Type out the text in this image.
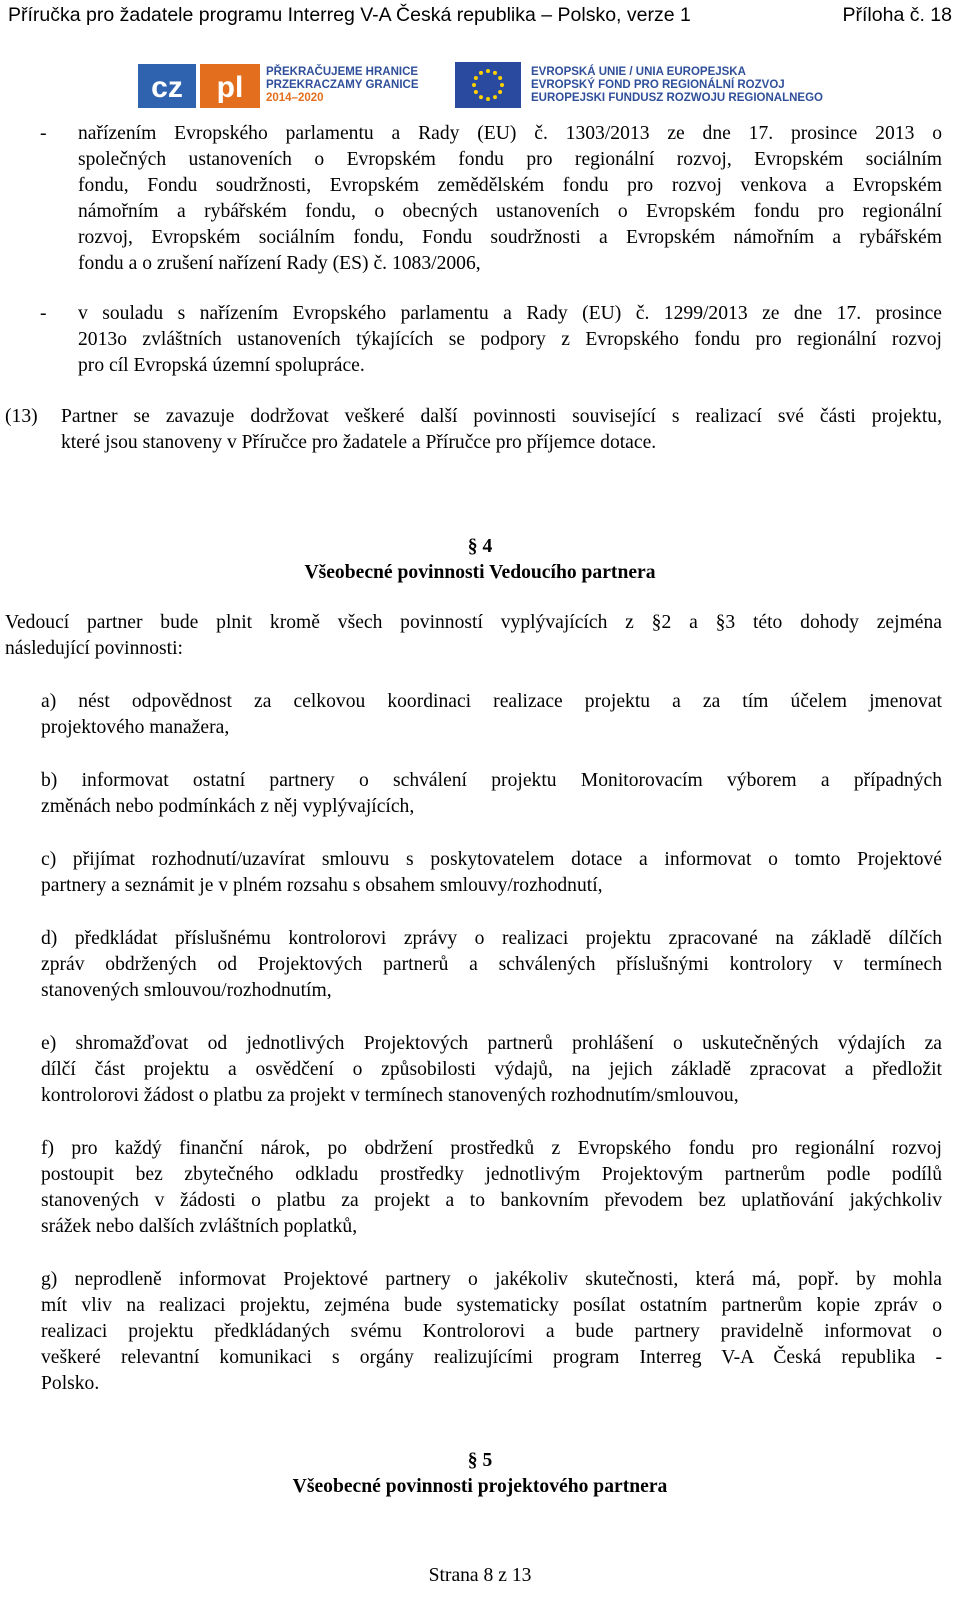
Příručka pro žadatele programu Interreg V-A Česká republika – Polsko, verze 1	Příloha č. 18
cz pl PŘEKRAČUJEME HRANICE
PRZEKRACZAMY GRANICE
2014–2020
EVROPSKÁ UNIE / UNIA EUROPEJSKA
EVROPSKÝ FOND PRO REGIONÁLNÍ ROZVOJ
EUROPEJSKI FUNDUSZ ROZWOJU REGIONALNEGO
- nařízením Evropského parlamentu a Rady (EU) č. 1303/2013 ze dne 17. prosince 2013 o
společných ustanoveních o Evropském fondu pro regionální rozvoj, Evropském sociálním
fondu, Fondu soudržnosti, Evropském zemědělském fondu pro rozvoj venkova a Evropském
námořním a rybářském fondu, o obecných ustanoveních o Evropském fondu pro regionální
rozvoj, Evropském sociálním fondu, Fondu soudržnosti a Evropském námořním a rybářském
fondu a o zrušení nařízení Rady (ES) č. 1083/2006,
- v souladu s nařízením Evropského parlamentu a Rady (EU) č. 1299/2013 ze dne 17. prosince
2013o zvláštních ustanoveních týkajících se podpory z Evropského fondu pro regionální rozvoj
pro cíl Evropská územní spolupráce.
(13) Partner se zavazuje dodržovat veškeré další povinnosti související s realizací své části projektu,
které jsou stanoveny v Příručce pro žadatele a Příručce pro příjemce dotace.
§ 4
Všeobecné povinnosti Vedoucího partnera
Vedoucí partner bude plnit kromě všech povinností vyplývajících z §2 a §3 této dohody zejména
následující povinnosti:
a) nést odpovědnost za celkovou koordinaci realizace projektu a za tím účelem jmenovat
projektového manažera,
b) informovat ostatní partnery o schválení projektu Monitorovacím výborem a případných
změnách nebo podmínkách z něj vyplývajících,
c) přijímat rozhodnutí/uzavírat smlouvu s poskytovatelem dotace a informovat o tomto Projektové
partnery a seznámit je v plném rozsahu s obsahem smlouvy/rozhodnutí,
d) předkládat příslušnému kontrolorovi zprávy o realizaci projektu zpracované na základě dílčích
zpráv obdržených od Projektových partnerů a schválených příslušnými kontrolory v termínech
stanovených smlouvou/rozhodnutím,
e) shromažďovat od jednotlivých Projektových partnerů prohlášení o uskutečněných výdajích za
dílčí část projektu a osvědčení o způsobilosti výdajů, na jejich základě zpracovat a předložit
kontrolorovi žádost o platbu za projekt v termínech stanovených rozhodnutím/smlouvou,
f) pro každý finanční nárok, po obdržení prostředků z Evropského fondu pro regionální rozvoj
postoupit bez zbytečného odkladu prostředky jednotlivým Projektovým partnerům podle podílů
stanovených v žádosti o platbu za projekt a to bankovním převodem bez uplatňování jakýchkoliv
srážek nebo dalších zvláštních poplatků,
g) neprodleně informovat Projektové partnery o jakékoliv skutečnosti, která má, popř. by mohla
mít vliv na realizaci projektu, zejména bude systematicky posílat ostatním partnerům kopie zpráv o
realizaci projektu předkládaných svému Kontrolorovi a bude partnery pravidelně informovat o
veškeré relevantní komunikaci s orgány realizujícími program Interreg V-A Česká republika -
Polsko.
§ 5
Všeobecné povinnosti projektového partnera
Strana 8 z 13
